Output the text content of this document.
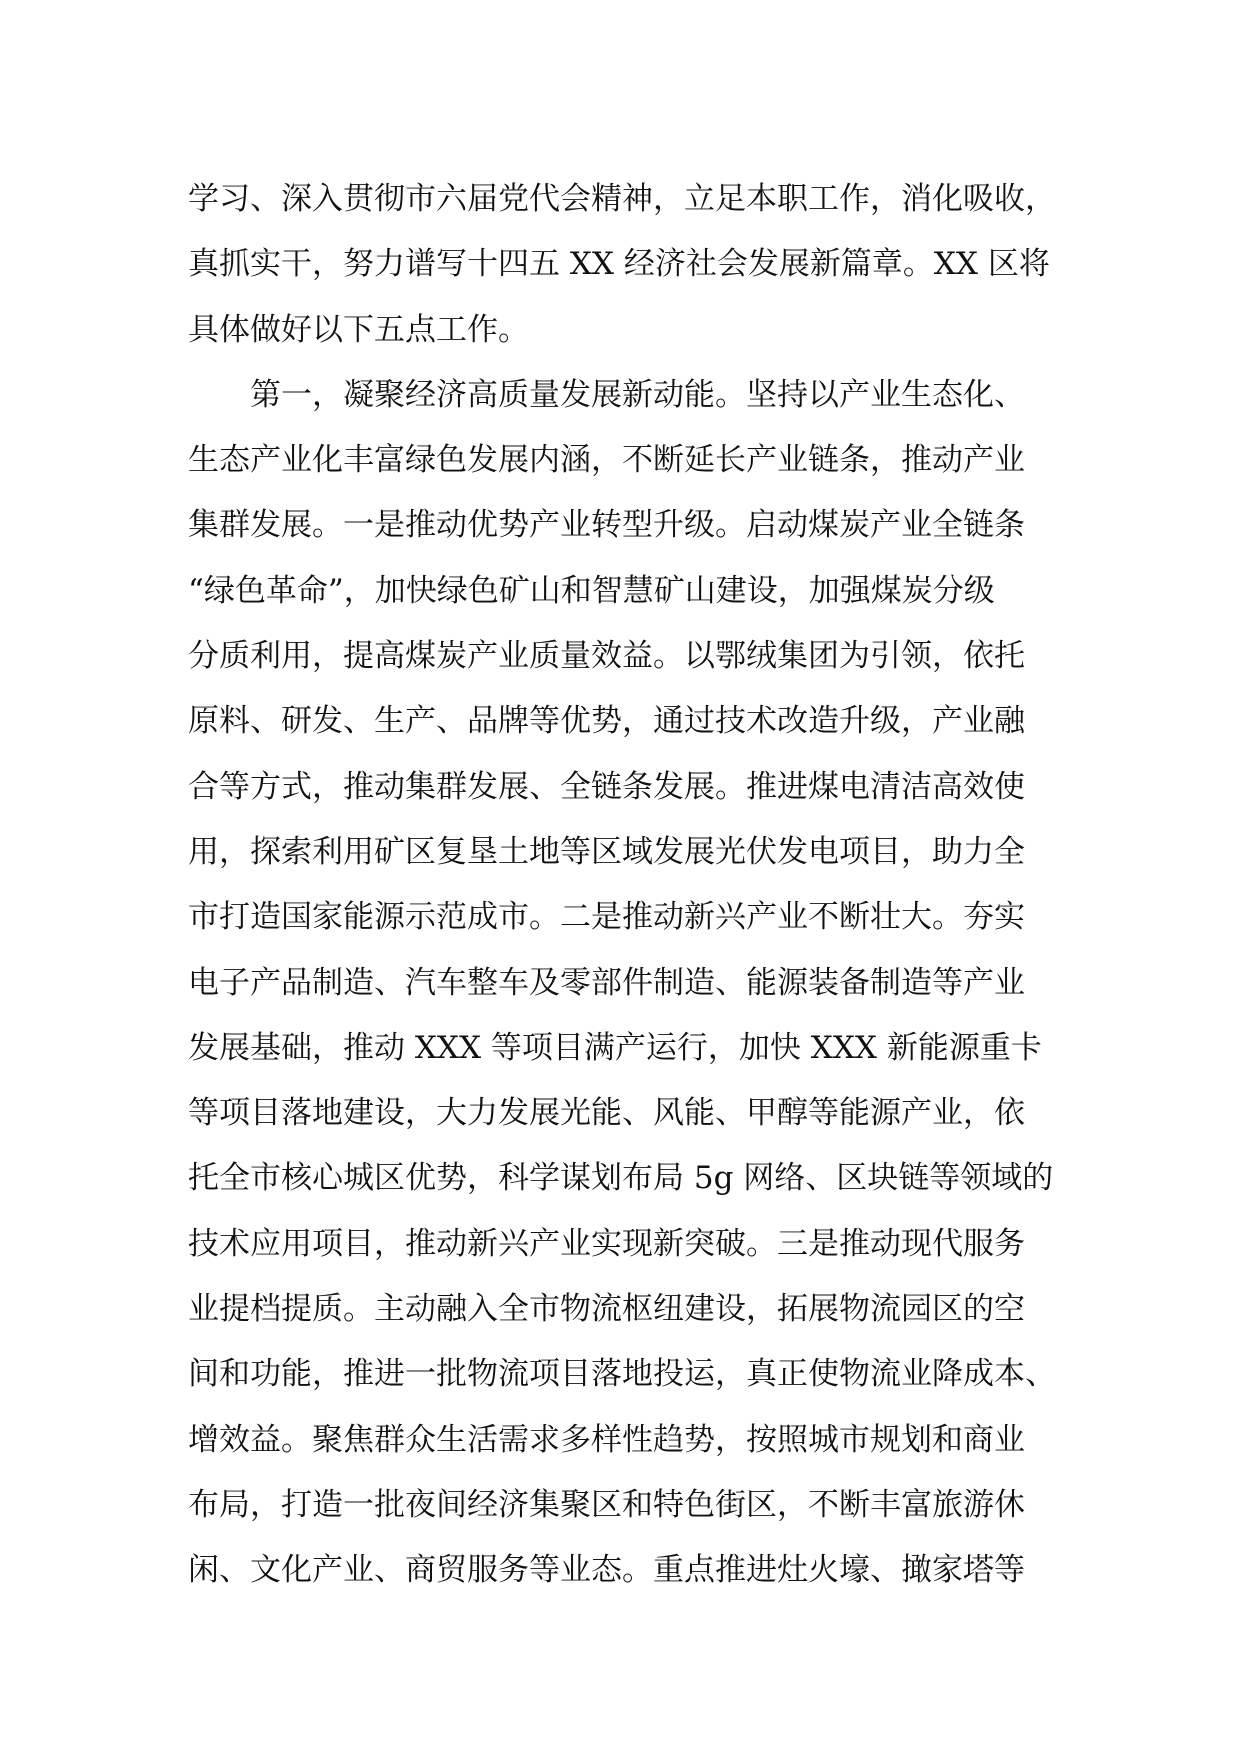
学习、深入贯彻市六届党代会精神，立足本职工作，消化吸收，
真抓实干，努力谱写十四五 XX 经济社会发展新篇章。XX 区将
具体做好以下五点工作。
第一，凝聚经济高质量发展新动能。坚持以产业生态化、
生态产业化丰富绿色发展内涵，不断延长产业链条，推动产业
集群发展。一是推动优势产业转型升级。启动煤炭产业全链条
“绿色革命”，加快绿色矿山和智慧矿山建设，加强煤炭分级
分质利用，提高煤炭产业质量效益。以鄂绒集团为引领，依托
原料、研发、生产、品牌等优势，通过技术改造升级，产业融
合等方式，推动集群发展、全链条发展。推进煤电清洁高效使
用，探索利用矿区复垦土地等区域发展光伏发电项目，助力全
市打造国家能源示范成市。二是推动新兴产业不断壮大。夯实
电子产品制造、汽车整车及零部件制造、能源装备制造等产业
发展基础，推动 XXX 等项目满产运行，加快 XXX 新能源重卡
等项目落地建设，大力发展光能、风能、甲醇等能源产业，依
托全市核心城区优势，科学谋划布局 5g 网络、区块链等领域的
技术应用项目，推动新兴产业实现新突破。三是推动现代服务
业提档提质。主动融入全市物流枢纽建设，拓展物流园区的空
间和功能，推进一批物流项目落地投运，真正使物流业降成本、
增效益。聚焦群众生活需求多样性趋势，按照城市规划和商业
布局，打造一批夜间经济集聚区和特色街区，不断丰富旅游休
闲、文化产业、商贸服务等业态。重点推进灶火壕、撖家塔等
